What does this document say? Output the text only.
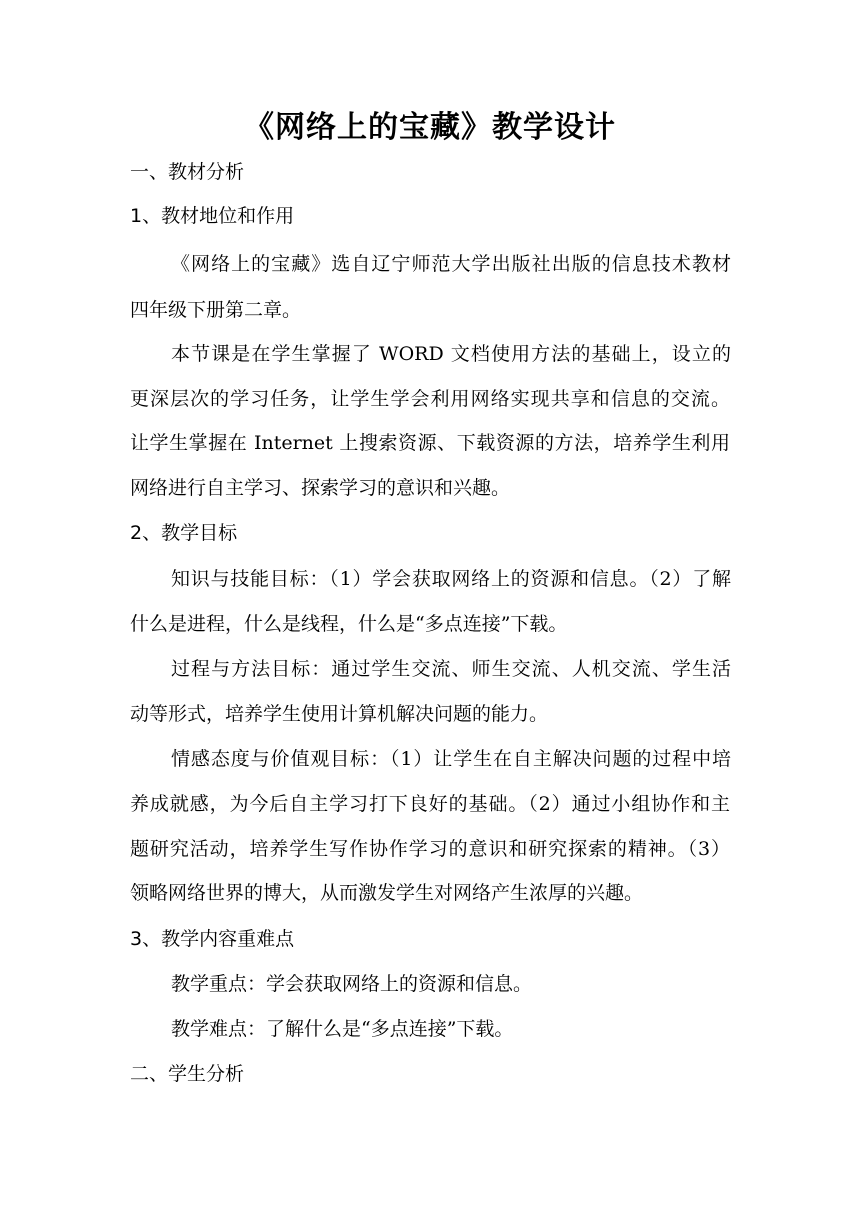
《网络上的宝藏》教学设计
一、教材分析
1、教材地位和作用
《网络上的宝藏》选自辽宁师范大学出版社出版的信息技术教材
四年级下册第二章。
本节课是在学生掌握了 WORD 文档使用方法的基础上，设立的
更深层次的学习任务，让学生学会利用网络实现共享和信息的交流。
让学生掌握在 Internet 上搜索资源、下载资源的方法，培养学生利用
网络进行自主学习、探索学习的意识和兴趣。
2、教学目标
知识与技能目标：（1）学会获取网络上的资源和信息。（2）了解
什么是进程，什么是线程，什么是“多点连接”下载。
过程与方法目标：通过学生交流、师生交流、人机交流、学生活
动等形式，培养学生使用计算机解决问题的能力。
情感态度与价值观目标：（1）让学生在自主解决问题的过程中培
养成就感，为今后自主学习打下良好的基础。（2）通过小组协作和主
题研究活动，培养学生写作协作学习的意识和研究探索的精神。（3）
领略网络世界的博大，从而激发学生对网络产生浓厚的兴趣。
3、教学内容重难点
教学重点：学会获取网络上的资源和信息。
教学难点：了解什么是“多点连接”下载。
二、学生分析
